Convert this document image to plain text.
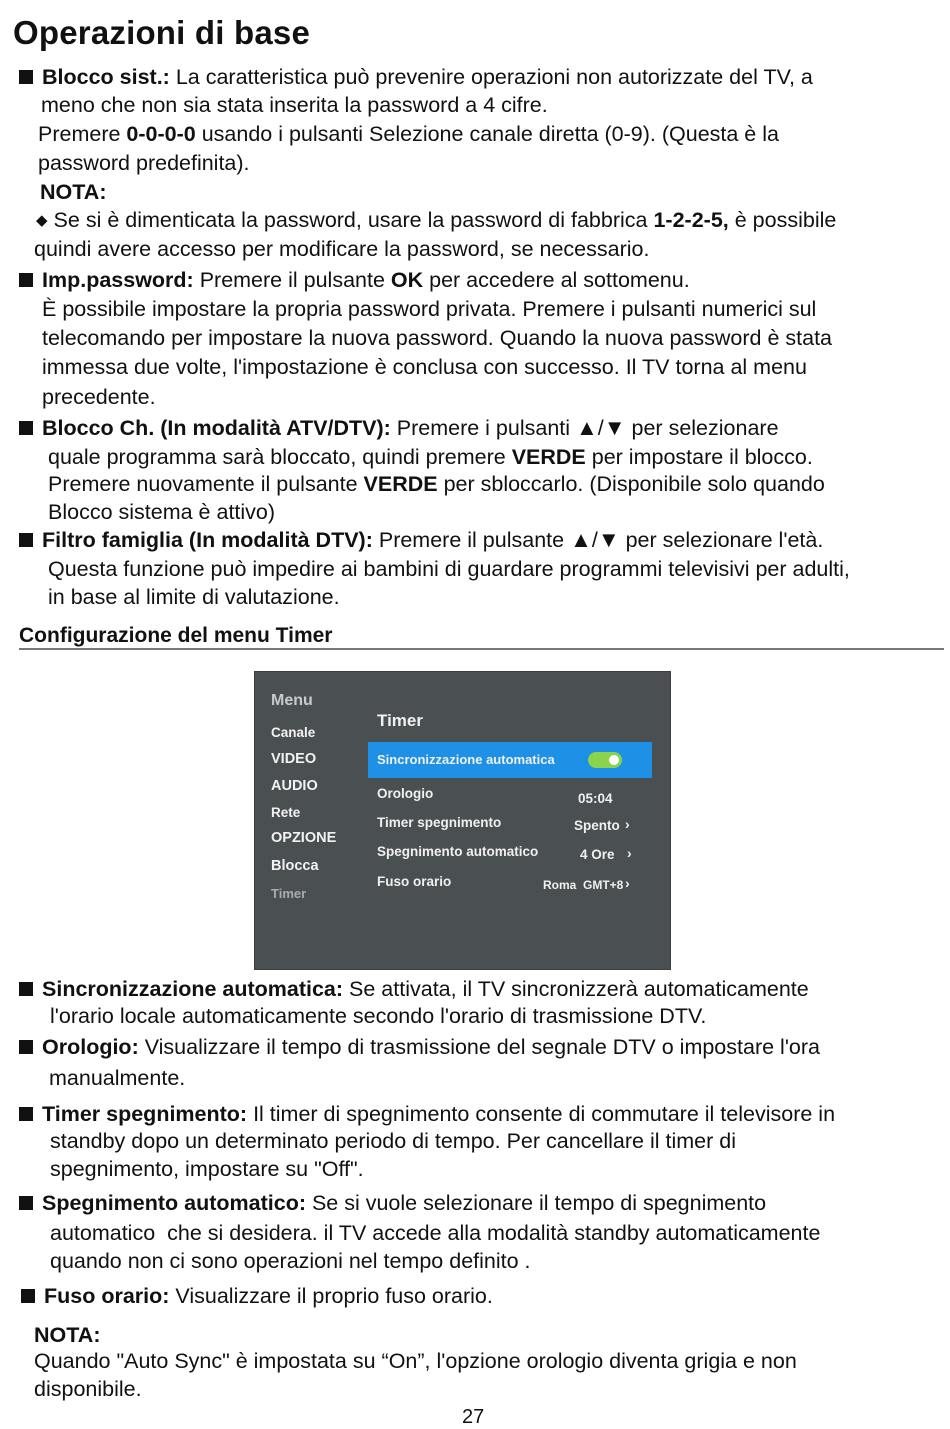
Operazioni di base

Blocco sist.: La caratteristica può prevenire operazioni non autorizzate del TV, a

meno che non sia stata inserita la password a 4 cifre.

Premere 0-0-0-0 usando i pulsanti Selezione canale diretta (0-9). (Questa è la

password predefinita).

NOTA:

◆ Se si è dimenticata la password, usare la password di fabbrica 1-2-2-5, è possibile

quindi avere accesso per modificare la password, se necessario.

Imp.password: Premere il pulsante OK per accedere al sottomenu.

È possibile impostare la propria password privata. Premere i pulsanti numerici sul

telecomando per impostare la nuova password. Quando la nuova password è stata

immessa due volte, l'impostazione è conclusa con successo. Il TV torna al menu

precedente.

Blocco Ch. (In modalità ATV/DTV): Premere i pulsanti ▲/▼ per selezionare

quale programma sarà bloccato, quindi premere VERDE per impostare il blocco.

Premere nuovamente il pulsante VERDE per sbloccarlo. (Disponibile solo quando

Blocco sistema è attivo)

Filtro famiglia (In modalità DTV): Premere il pulsante ▲/▼ per selezionare l'età.

Questa funzione può impedire ai bambini di guardare programmi televisivi per adulti,

in base al limite di valutazione.

Configurazione del menu Timer
Menu
Canale
VIDEO
AUDIO
Rete
OPZIONE
Blocca
Timer
Timer
Sincronizzazione automatica
Orologio	05:04
Timer spegnimento	Spento ›
Spegnimento automatico	4 Ore ›
Fuso orario	Roma GMT+8 ›

Sincronizzazione automatica: Se attivata, il TV sincronizzerà automaticamente

l'orario locale automaticamente secondo l'orario di trasmissione DTV.

Orologio: Visualizzare il tempo di trasmissione del segnale DTV o impostare l'ora

manualmente.

Timer spegnimento: Il timer di spegnimento consente di commutare il televisore in

standby dopo un determinato periodo di tempo. Per cancellare il timer di

spegnimento, impostare su "Off".

Spegnimento automatico: Se si vuole selezionare il tempo di spegnimento

automatico  che si desidera. il TV accede alla modalità standby automaticamente

quando non ci sono operazioni nel tempo definito .

Fuso orario: Visualizzare il proprio fuso orario.

NOTA:

Quando "Auto Sync" è impostata su “On”, l'opzione orologio diventa grigia e non

disponibile.

27
